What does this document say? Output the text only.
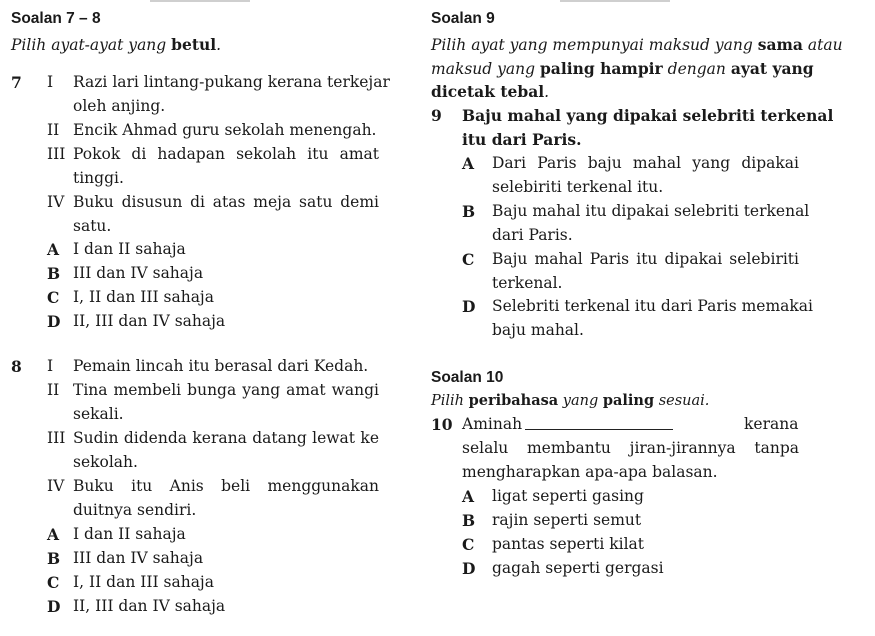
Soalan 7 – 8
Pilih ayat-ayat yang betul.
7 I Razi lari lintang-pukang kerana terkejar
oleh anjing.
II Encik Ahmad guru sekolah menengah.
III Pokok di hadapan sekolah itu amat
tinggi.
IV Buku disusun di atas meja satu demi
satu.
A I dan II sahaja
B III dan IV sahaja
C I, II dan III sahaja
D II, III dan IV sahaja
8 I Pemain lincah itu berasal dari Kedah.
II Tina membeli bunga yang amat wangi
sekali.
III Sudin didenda kerana datang lewat ke
sekolah.
IV Buku itu Anis beli menggunakan
duitnya sendiri.
A I dan II sahaja
B III dan IV sahaja
C I, II dan III sahaja
D II, III dan IV sahaja
Soalan 9
Pilih ayat yang mempunyai maksud yang sama atau
maksud yang paling hampir dengan ayat yang
dicetak tebal.
9 Baju mahal yang dipakai selebriti terkenal
itu dari Paris.
A Dari Paris baju mahal yang dipakai
selebiriti terkenal itu.
B Baju mahal itu dipakai selebriti terkenal
dari Paris.
C Baju mahal Paris itu dipakai selebiriti
terkenal.
D Selebriti terkenal itu dari Paris memakai
baju mahal.
Soalan 10
Pilih peribahasa yang paling sesuai.
10 Aminah	kerana
selalu membantu jiran-jirannya tanpa
mengharapkan apa-apa balasan.
A ligat seperti gasing
B rajin seperti semut
C pantas seperti kilat
D gagah seperti gergasi
